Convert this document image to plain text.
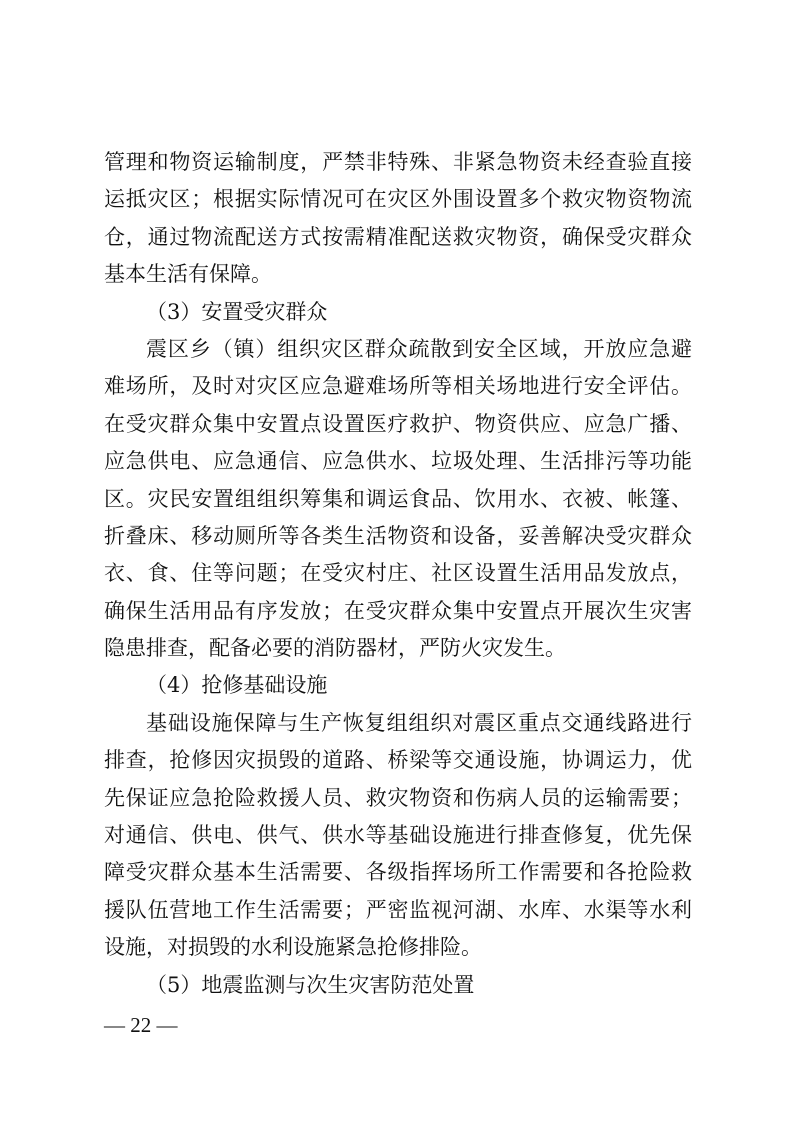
管理和物资运输制度，严禁非特殊、非紧急物资未经查验直接
运抵灾区；根据实际情况可在灾区外围设置多个救灾物资物流
仓，通过物流配送方式按需精准配送救灾物资，确保受灾群众
基本生活有保障。
（3）安置受灾群众
震区乡（镇）组织灾区群众疏散到安全区域，开放应急避
难场所，及时对灾区应急避难场所等相关场地进行安全评估。
在受灾群众集中安置点设置医疗救护、物资供应、应急广播、
应急供电、应急通信、应急供水、垃圾处理、生活排污等功能
区。灾民安置组组织筹集和调运食品、饮用水、衣被、帐篷、
折叠床、移动厕所等各类生活物资和设备，妥善解决受灾群众
衣、食、住等问题；在受灾村庄、社区设置生活用品发放点，
确保生活用品有序发放；在受灾群众集中安置点开展次生灾害
隐患排查，配备必要的消防器材，严防火灾发生。
（4）抢修基础设施
基础设施保障与生产恢复组组织对震区重点交通线路进行
排查，抢修因灾损毁的道路、桥梁等交通设施，协调运力，优
先保证应急抢险救援人员、救灾物资和伤病人员的运输需要；
对通信、供电、供气、供水等基础设施进行排查修复，优先保
障受灾群众基本生活需要、各级指挥场所工作需要和各抢险救
援队伍营地工作生活需要；严密监视河湖、水库、水渠等水利
设施，对损毁的水利设施紧急抢修排险。
（5）地震监测与次生灾害防范处置
— 22 —
